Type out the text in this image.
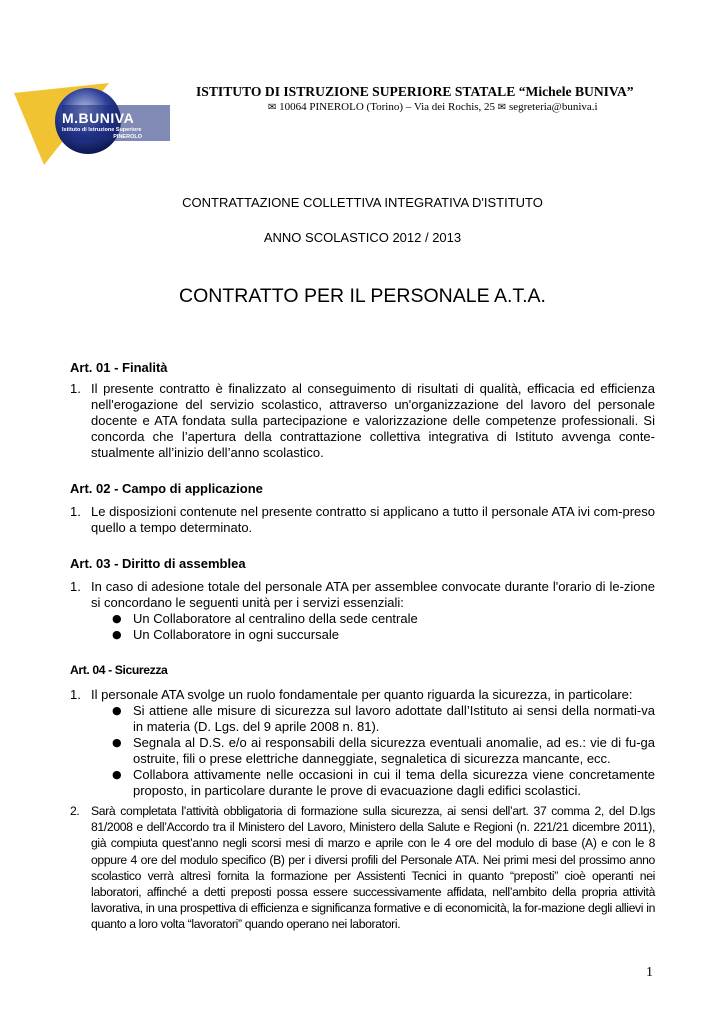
M.BUNIVA
Istituto di Istruzione Superiore
PINEROLO
ISTITUTO DI ISTRUZIONE SUPERIORE STATALE “Michele BUNIVA”
✉ 10064 PINEROLO (Torino) – Via dei Rochis, 25 ✉ segreteria@buniva.i
CONTRATTAZIONE COLLETTIVA INTEGRATIVA D'ISTITUTO
ANNO SCOLASTICO 2012 / 2013
CONTRATTO PER IL PERSONALE A.T.A.
Art. 01 - Finalità
1. Il presente contratto è finalizzato al conseguimento di risultati di qualità, efficacia ed efficienza nell'erogazione del servizio scolastico, attraverso un'organizzazione del lavoro del personale docente e ATA fondata sulla partecipazione e valorizzazione delle competenze professionali. Si concorda che l’apertura della contrattazione collettiva integrativa di Istituto avvenga conte-stualmente all’inizio dell’anno scolastico.
Art. 02 - Campo di applicazione
1. Le disposizioni contenute nel presente contratto si applicano a tutto il personale ATA ivi com-preso quello a tempo determinato.
Art. 03 - Diritto di assemblea
1. In caso di adesione totale del personale ATA per assemblee convocate durante l'orario di le-zione si concordano le seguenti unità per i servizi essenziali:
● Un Collaboratore al centralino della sede centrale
● Un Collaboratore in ogni succursale
Art. 04 - Sicurezza
1. Il personale ATA svolge un ruolo fondamentale per quanto riguarda la sicurezza, in particolare:
● Si attiene alle misure di sicurezza sul lavoro adottate dall’Istituto ai sensi della normati-va in materia (D. Lgs. del 9 aprile 2008 n. 81).
● Segnala al D.S. e/o ai responsabili della sicurezza eventuali anomalie, ad es.: vie di fu-ga ostruite, fili o prese elettriche danneggiate, segnaletica di sicurezza mancante, ecc.
● Collabora attivamente nelle occasioni in cui il tema della sicurezza viene concretamente proposto, in particolare durante le prove di evacuazione dagli edifici scolastici.
2. Sarà completata l’attività obbligatoria di formazione sulla sicurezza, ai sensi dell’art. 37 comma 2, del D.lgs 81/2008 e dell’Accordo tra il Ministero del Lavoro, Ministero della Salute e Regioni (n. 221/21 dicembre 2011), già compiuta quest’anno negli scorsi mesi di marzo e aprile con le 4 ore del modulo di base (A) e con le 8 oppure 4 ore del modulo specifico (B) per i diversi profili del Personale ATA. Nei primi mesi del prossimo anno scolastico verrà altresì fornita la formazione per Assistenti Tecnici in quanto “preposti” cioè operanti nei laboratori, affinché a detti preposti possa essere successivamente affidata, nell’ambito della propria attività lavorativa, in una prospettiva di efficienza e significanza formative e di economicità, la for-mazione degli allievi in quanto a loro volta “lavoratori” quando operano nei laboratori.
1
